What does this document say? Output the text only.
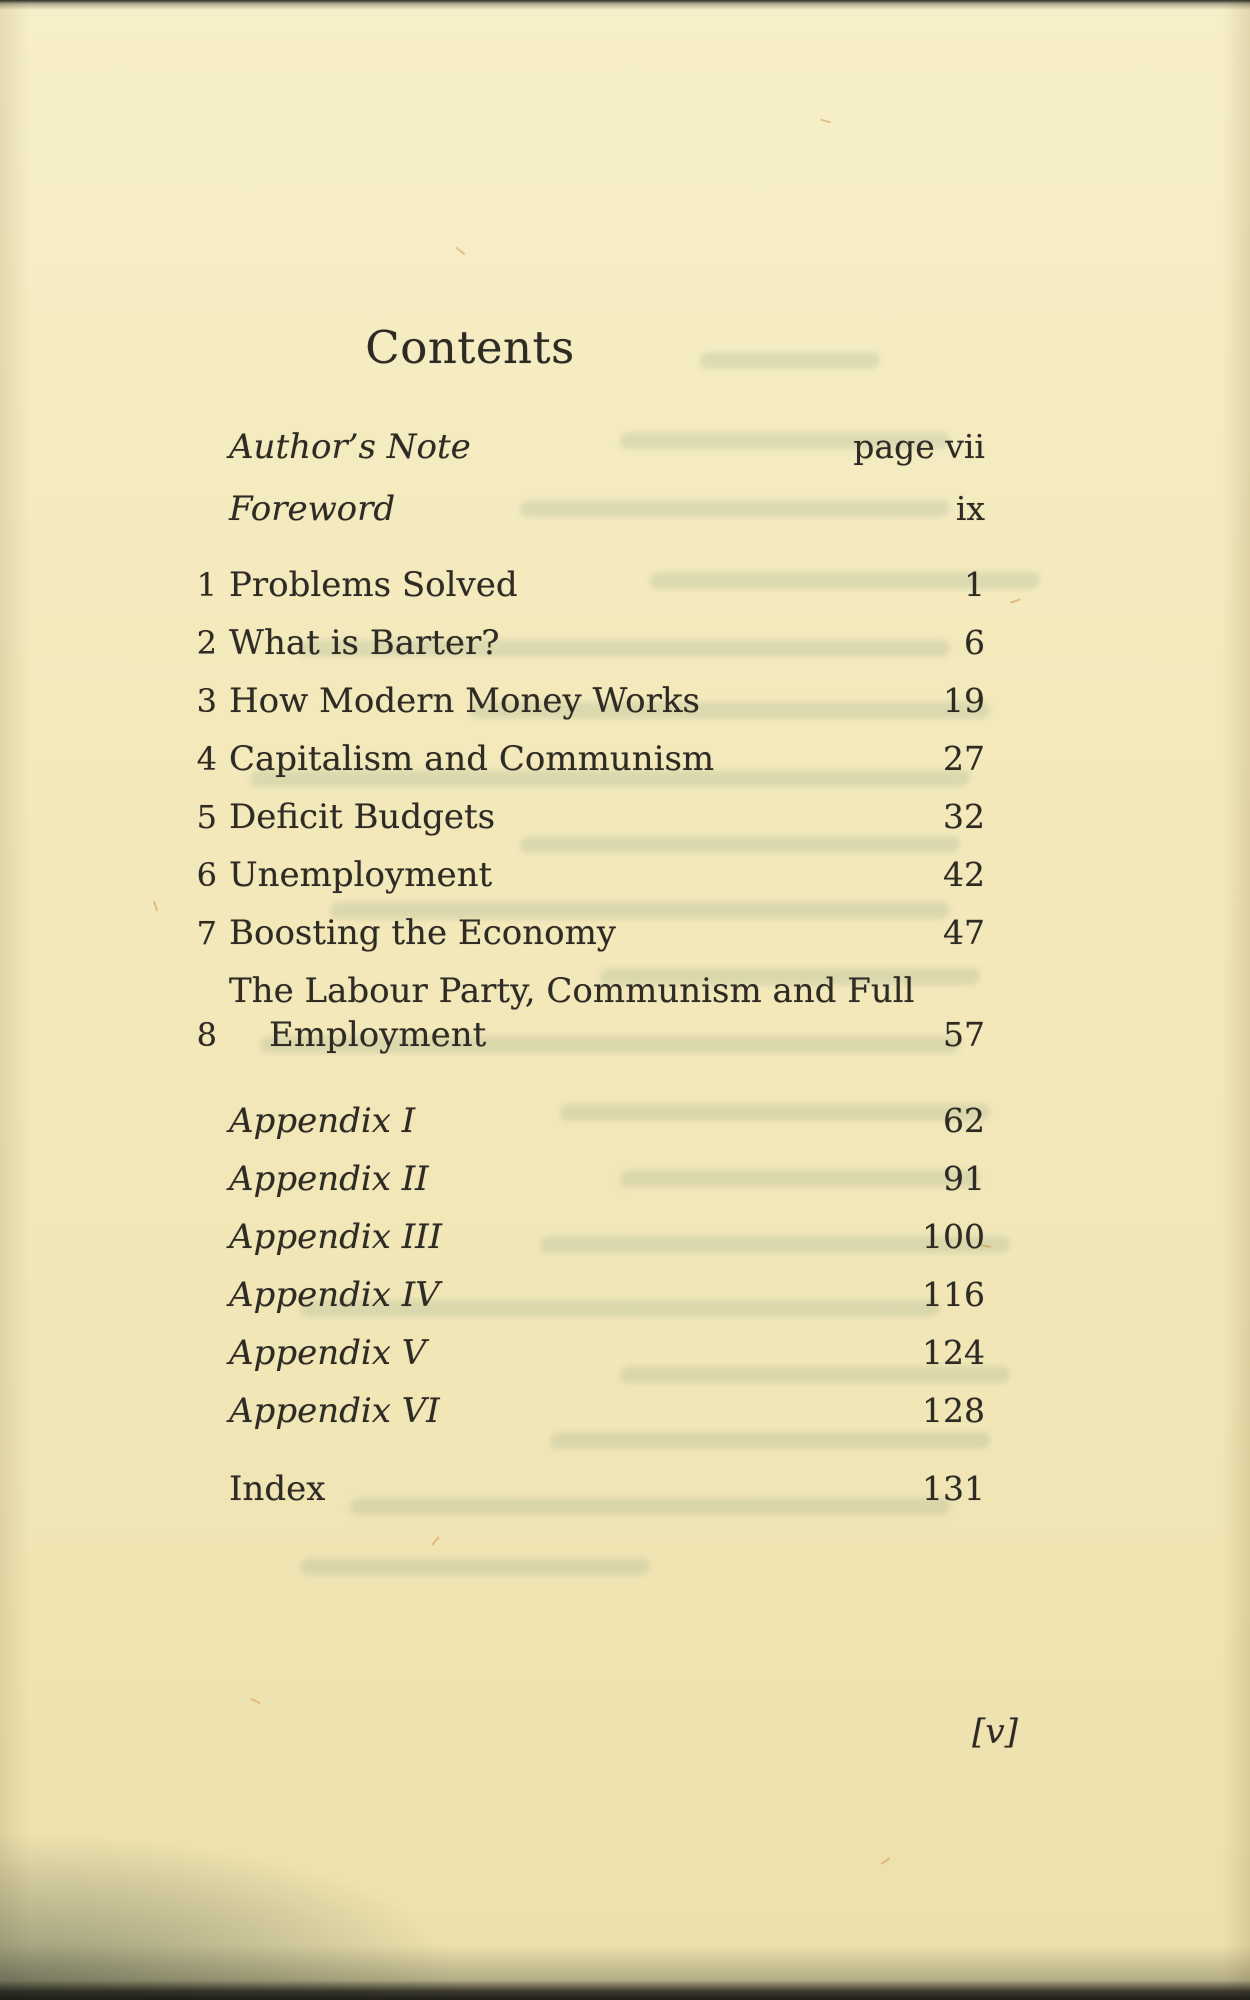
Contents
Author’s Note	page vii
Foreword	ix
1 Problems Solved	1
2 What is Barter?	6
3 How Modern Money Works	19
4 Capitalism and Communism	27
5 Deficit Budgets	32
6 Unemployment	42
7 Boosting the Economy	47
8
The Labour Party, Communism and Full Employment	57
Appendix I	62
Appendix II	91
Appendix III	100
Appendix IV	116
Appendix V	124
Appendix VI	128
Index	131
[v]
